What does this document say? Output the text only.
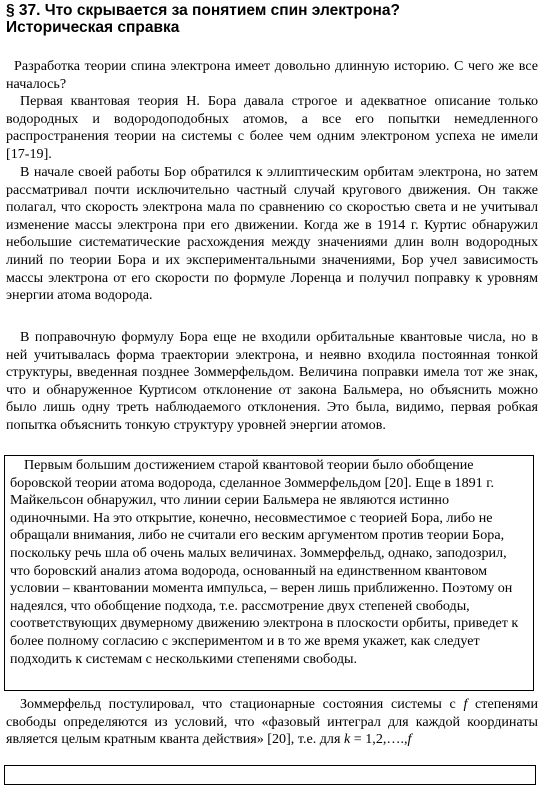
§ 37. Что скрывается за понятием спин электрона?
Историческая справка

Разработка теории спина электрона имеет довольно длинную историю. С чего же все началось?

Первая квантовая теория Н. Бора давала строгое и адекватное описание только водородных и водородоподобных атомов, а все его попытки немедленного распространения теории на системы с более чем одним электроном успеха не имели [17-19].

В начале своей работы Бор обратился к эллиптическим орбитам электрона, но затем рассматривал почти исключительно частный случай кругового движения. Он также полагал, что скорость электрона мала по сравнению со скоростью света и не учитывал изменение массы электрона при его движении. Когда же в 1914 г. Куртис обнаружил небольшие систематические расхождения между значениями длин волн водородных линий по теории Бора и их экспериментальными значениями, Бор учел зависимость массы электрона от его скорости по формуле Лоренца и получил поправку к уровням энергии атома водорода.

В поправочную формулу Бора еще не входили орбитальные квантовые числа, но в ней учитывалась форма траектории электрона, и неявно входила постоянная тонкой структуры, введенная позднее Зоммерфельдом. Величина поправки имела тот же знак, что и обнаруженное Куртисом отклонение от закона Бальмера, но объяснить можно было лишь одну треть наблюдаемого отклонения. Это была, видимо, первая робкая попытка объяснить тонкую структуру уровней энергии атомов.

Первым большим достижением старой квантовой теории было обобщение боровской теории атома водорода, сделанное Зоммерфельдом [20]. Еще в 1891 г. Майкельсон обнаружил, что линии серии Бальмера не являются истинно одиночными. На это открытие, конечно, несовместимое с теорией Бора, либо не обращали внимания, либо не считали его веским аргументом против теории Бора, поскольку речь шла об очень малых величинах. Зоммерфельд, однако, заподозрил, что боровский анализ атома водорода, основанный на единственном квантовом условии – квантовании момента импульса, – верен лишь приближенно. Поэтому он надеялся, что обобщение подхода, т.е. рассмотрение двух степеней свободы, соответствующих двумерному движению электрона в плоскости орбиты, приведет к более полному согласию с экспериментом и в то же время укажет, как следует подходить к системам с несколькими степенями свободы.

Зоммерфельд постулировал, что стационарные состояния системы с f степенями свободы определяются из условий, что «фазовый интеграл для каждой координаты является целым кратным кванта действия» [20], т.е. для k = 1,2,….,f
